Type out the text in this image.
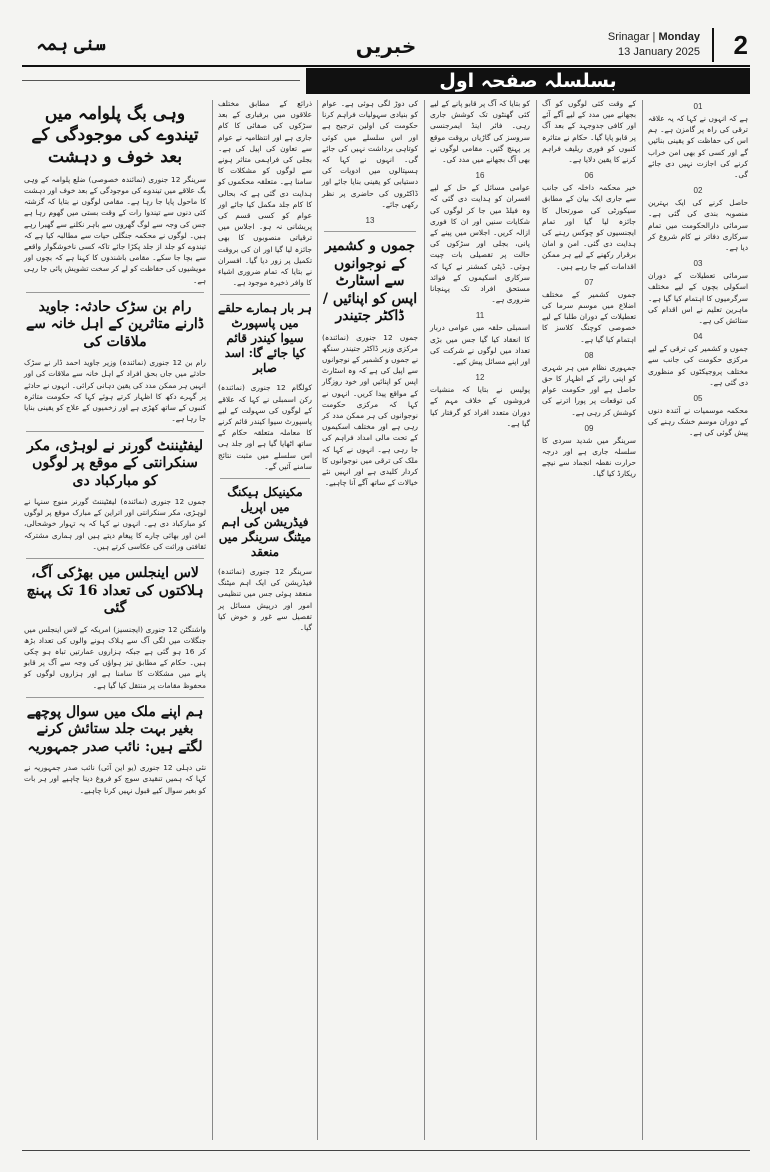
سنی ہمہ	خبریں	Srinagar | Monday
13 January 2025	2
بسلسلہ صفحہ اول
01

ہے کہ انہوں نے کہا کہ یہ علاقہ ترقی کی راہ پر گامزن ہے۔ ہم اس کی حفاظت کو یقینی بنائیں گے اور کسی کو بھی امن خراب کرنے کی اجازت نہیں دی جائے گی۔

02

حاصل کرنے کی ایک بہترین منصوبہ بندی کی گئی ہے۔ سرمائی دارالحکومت میں تمام سرکاری دفاتر نے کام شروع کر دیا ہے۔

03

سرمائی تعطیلات کے دوران اسکولی بچوں کے لیے مختلف سرگرمیوں کا اہتمام کیا گیا ہے۔ ماہرین تعلیم نے اس اقدام کی ستائش کی ہے۔

04

جموں و کشمیر کی ترقی کے لیے مرکزی حکومت کی جانب سے مختلف پروجیکٹوں کو منظوری دی گئی ہے۔

05

محکمہ موسمیات نے آئندہ دنوں کے دوران موسم خشک رہنے کی پیش گوئی کی ہے۔

کے وقت کئی لوگوں کو آگ بجھانے میں مدد کے لیے آگے آئے اور کافی جدوجہد کے بعد آگ پر قابو پایا گیا۔ حکام نے متاثرہ کنبوں کو فوری ریلیف فراہم کرنے کا یقین دلایا ہے۔

06

خیر محکمہ داخلہ کی جانب سے جاری ایک بیان کے مطابق سیکورٹی کی صورتحال کا جائزہ لیا گیا اور تمام ایجنسیوں کو چوکس رہنے کی ہدایت دی گئی۔ امن و امان برقرار رکھنے کے لیے ہر ممکن اقدامات کیے جا رہے ہیں۔

07

جموں کشمیر کے مختلف اضلاع میں موسم سرما کی تعطیلات کے دوران طلبا کے لیے خصوصی کوچنگ کلاسز کا اہتمام کیا گیا ہے۔

08

جمہوری نظام میں ہر شہری کو اپنی رائے کے اظہار کا حق حاصل ہے اور حکومت عوام کی توقعات پر پورا اترنے کی کوشش کر رہی ہے۔

09

سرینگر میں شدید سردی کا سلسلہ جاری ہے اور درجہ حرارت نقطہ انجماد سے نیچے ریکارڈ کیا گیا۔

کو بتایا کہ آگ پر قابو پانے کے لیے کئی گھنٹوں تک کوشش جاری رہی۔ فائر اینڈ ایمرجنسی سروسز کی گاڑیاں بروقت موقع پر پہنچ گئیں۔ مقامی لوگوں نے بھی آگ بجھانے میں مدد کی۔

16

عوامی مسائل کے حل کے لیے افسران کو ہدایت دی گئی کہ وہ فیلڈ میں جا کر لوگوں کی شکایات سنیں اور ان کا فوری ازالہ کریں۔ اجلاس میں پینے کے پانی، بجلی اور سڑکوں کی حالت پر تفصیلی بات چیت ہوئی۔ ڈپٹی کمشنر نے کہا کہ سرکاری اسکیموں کے فوائد مستحق افراد تک پہنچانا ضروری ہے۔

11

اسمبلی حلقہ میں عوامی دربار کا انعقاد کیا گیا جس میں بڑی تعداد میں لوگوں نے شرکت کی اور اپنے مسائل پیش کیے۔

12

پولیس نے بتایا کہ منشیات فروشوں کے خلاف مہم کے دوران متعدد افراد کو گرفتار کیا گیا ہے۔

کی دوڑ لگی ہوئی ہے۔ عوام کو بنیادی سہولیات فراہم کرنا حکومت کی اولین ترجیح ہے اور اس سلسلے میں کوئی کوتاہی برداشت نہیں کی جائے گی۔ انہوں نے کہا کہ ہسپتالوں میں ادویات کی دستیابی کو یقینی بنایا جائے اور ڈاکٹروں کی حاضری پر نظر رکھی جائے۔

13
جموں و کشمیر کے نوجوانوں سے اسٹارٹ اپس کو اپنائیں / ڈاکٹر جتیندر

جموں 12 جنوری (نمائندہ) مرکزی وزیر ڈاکٹر جتیندر سنگھ نے جموں و کشمیر کے نوجوانوں سے اپیل کی ہے کہ وہ اسٹارٹ اپس کو اپنائیں اور خود روزگار کے مواقع پیدا کریں۔ انہوں نے کہا کہ مرکزی حکومت نوجوانوں کی ہر ممکن مدد کر رہی ہے اور مختلف اسکیموں کے تحت مالی امداد فراہم کی جا رہی ہے۔ انہوں نے کہا کہ ملک کی ترقی میں نوجوانوں کا کردار کلیدی ہے اور انہیں نئے خیالات کے ساتھ آگے آنا چاہیے۔

ذرائع کے مطابق مختلف علاقوں میں برفباری کے بعد سڑکوں کی صفائی کا کام جاری ہے اور انتظامیہ نے عوام سے تعاون کی اپیل کی ہے۔ بجلی کی فراہمی متاثر ہونے سے لوگوں کو مشکلات کا سامنا ہے۔ متعلقہ محکموں کو ہدایت دی گئی ہے کہ بحالی کا کام جلد مکمل کیا جائے اور عوام کو کسی قسم کی پریشانی نہ ہو۔ اجلاس میں ترقیاتی منصوبوں کا بھی جائزہ لیا گیا اور ان کی بروقت تکمیل پر زور دیا گیا۔ افسران نے بتایا کہ تمام ضروری اشیاء کا وافر ذخیرہ موجود ہے۔

ہر بار ہمارے حلقے میں پاسپورٹ سیوا کیندر قائم کیا جائے گا: اسد صابر

کولگام 12 جنوری (نمائندہ) رکن اسمبلی نے کہا کہ علاقے کے لوگوں کی سہولت کے لیے پاسپورٹ سیوا کیندر قائم کرنے کا معاملہ متعلقہ حکام کے ساتھ اٹھایا گیا ہے اور جلد ہی اس سلسلے میں مثبت نتائج سامنے آئیں گے۔

مکینیکل ہیکنگ میں اپریل فیڈریشن کی اہم میٹنگ سرینگر میں منعقد

سرینگر 12 جنوری (نمائندہ) فیڈریشن کی ایک اہم میٹنگ منعقد ہوئی جس میں تنظیمی امور اور درپیش مسائل پر تفصیل سے غور و خوض کیا گیا۔

وہی بگ پلوامہ میں تیندوے کی موجودگی کے بعد خوف و دہشت

سرینگر 12 جنوری (نمائندہ خصوصی) ضلع پلوامہ کے وہی بگ علاقے میں تیندوے کی موجودگی کے بعد خوف اور دہشت کا ماحول پایا جا رہا ہے۔ مقامی لوگوں نے بتایا کہ گزشتہ کئی دنوں سے تیندوا رات کے وقت بستی میں گھوم رہا ہے جس کی وجہ سے لوگ گھروں سے باہر نکلنے سے گھبرا رہے ہیں۔ لوگوں نے محکمہ جنگلی حیات سے مطالبہ کیا ہے کہ تیندوے کو جلد از جلد پکڑا جائے تاکہ کسی ناخوشگوار واقعے سے بچا جا سکے۔ مقامی باشندوں کا کہنا ہے کہ بچوں اور مویشیوں کی حفاظت کو لے کر سخت تشویش پائی جا رہی ہے۔

رام بن سڑک حادثہ: جاوید ڈارنے متاثرین کے اہل خانہ سے ملاقات کی

رام بن 12 جنوری (نمائندہ) وزیر جاوید احمد ڈار نے سڑک حادثے میں جاں بحق افراد کے اہل خانہ سے ملاقات کی اور انہیں ہر ممکن مدد کی یقین دہانی کرائی۔ انہوں نے حادثے پر گہرے دکھ کا اظہار کرتے ہوئے کہا کہ حکومت متاثرہ کنبوں کے ساتھ کھڑی ہے اور زخمیوں کے علاج کو یقینی بنایا جا رہا ہے۔

لیفٹیننٹ گورنر نے لوہڑی، مکر سنکرانتی کے موقع پر لوگوں کو مبارکباد دی

جموں 12 جنوری (نمائندہ) لیفٹیننٹ گورنر منوج سنہا نے لوہڑی، مکر سنکرانتی اور اتراین کے مبارک موقع پر لوگوں کو مبارکباد دی ہے۔ انہوں نے کہا کہ یہ تہوار خوشحالی، امن اور بھائی چارے کا پیغام دیتے ہیں اور ہماری مشترکہ ثقافتی وراثت کی عکاسی کرتے ہیں۔

لاس اینجلس میں بھڑکی آگ، ہلاکتوں کی تعداد 16 تک پہنچ گئی

واشنگٹن 12 جنوری (ایجنسیز) امریکہ کے لاس اینجلس میں جنگلات میں لگی آگ سے ہلاک ہونے والوں کی تعداد بڑھ کر 16 ہو گئی ہے جبکہ ہزاروں عمارتیں تباہ ہو چکی ہیں۔ حکام کے مطابق تیز ہواؤں کی وجہ سے آگ پر قابو پانے میں مشکلات کا سامنا ہے اور ہزاروں لوگوں کو محفوظ مقامات پر منتقل کیا گیا ہے۔

ہم اپنے ملک میں سوال پوچھے بغیر بہت جلد ستائش کرنے لگتے ہیں: نائب صدر جمہوریہ

نئی دہلی 12 جنوری (یو این آئی) نائب صدر جمہوریہ نے کہا کہ ہمیں تنقیدی سوچ کو فروغ دینا چاہیے اور ہر بات کو بغیر سوال کیے قبول نہیں کرنا چاہیے۔
